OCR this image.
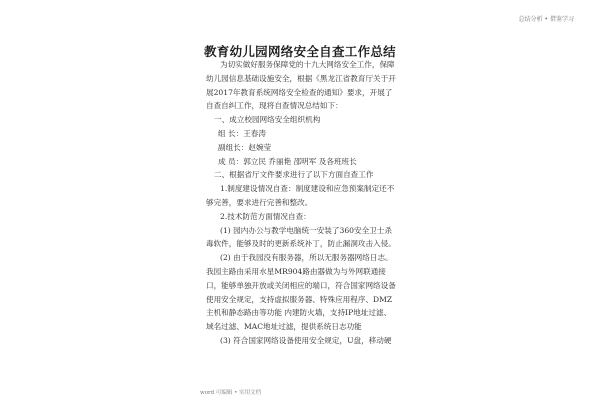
总结分析 • 借鉴学习
教育幼儿园网络安全自查工作总结

为切实做好服务保障党的十九大网络安全工作，保障幼儿园信息基础设施安全，根据《黑龙江省教育厅关于开展2017年教育系统网络安全检查的通知》要求，开展了自查自纠工作，现将自查情况总结如下：

一、成立校园网络安全组织机构

组 长：王春涛

副组长：赵婉莹

成 员：郭立民 乔丽艳 邵明军 及各班班长

二、根据省厅文件要求进行了以下方面自查工作

1.制度建设情况自查：制度建设和应急预案制定还不够完善，要求进行完善和整改。

2.技术防范方面情况自查：

(1) 园内办公与教学电脑统一安装了360安全卫士杀毒软件，能够及时的更新系统补丁，防止漏洞攻击入侵。

(2) 由于我园没有服务器，所以无服务器网络日志。我园主路由采用水星MR904路由器做为与外网联通接口，能够单独开放或关闭相应的端口，符合国家网络设备使用安全规定，支持虚拟服务器、特殊应用程序、DMZ主机和静态路由等功能 内建防火墙，支持IP地址过滤、域名过滤、MAC地址过滤，提供系统日志功能

(3) 符合国家网络设备使用安全规定，U盘，移动硬

word 可编辑 • 实用文档
